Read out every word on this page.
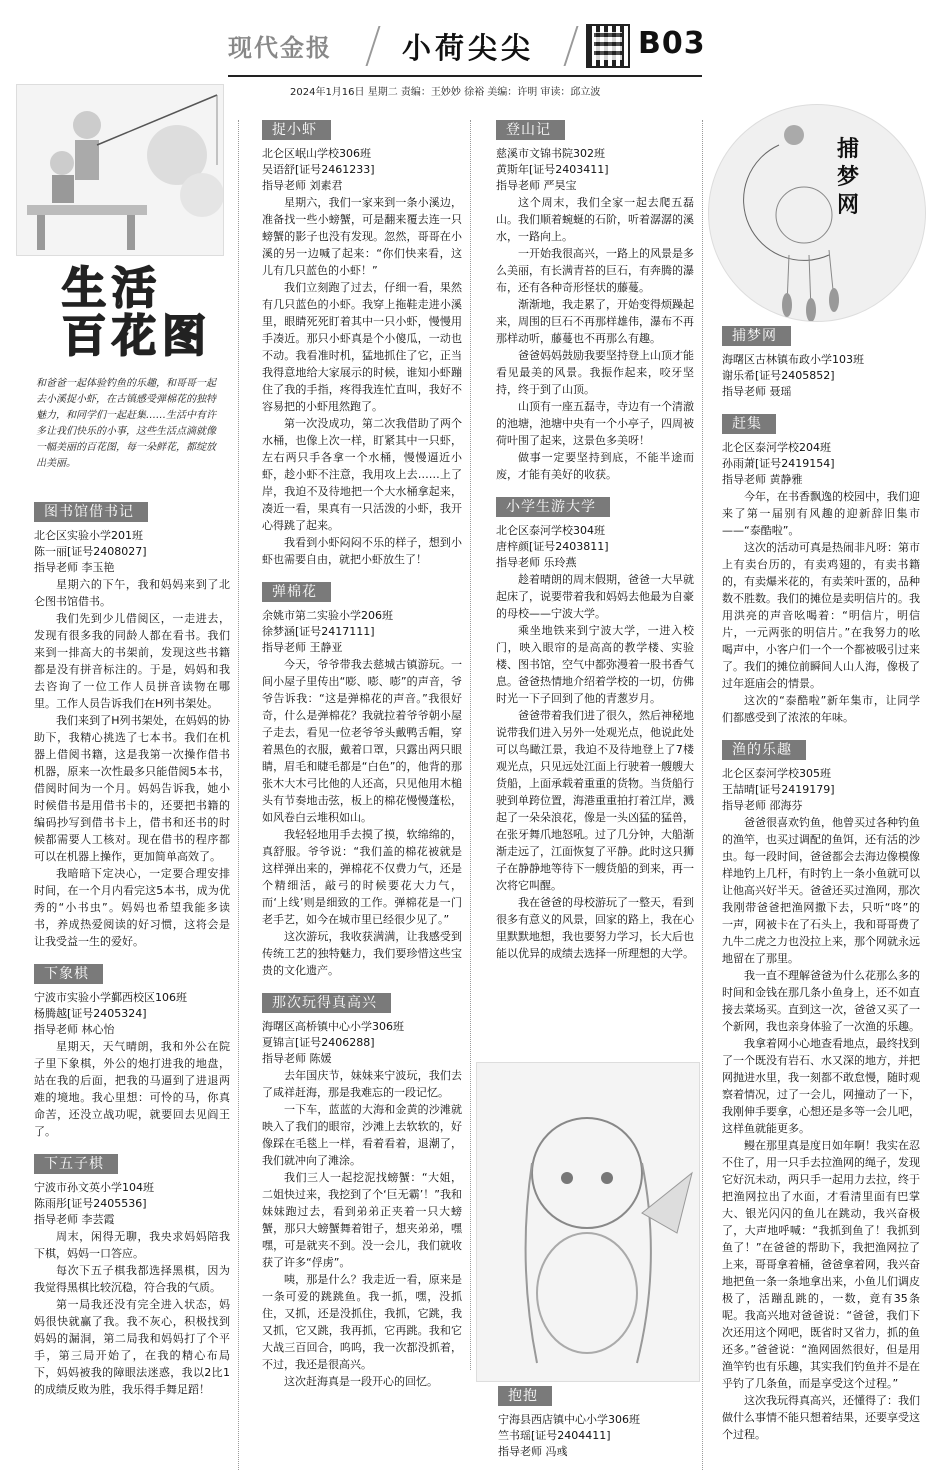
现代金报 小荷尖尖	B03
2024年1月16日 星期二 责编：王妙妙 徐裕 美编：许明 审读：邱立波
生活
百花图
和爸爸一起体验钓鱼的乐趣，和哥哥一起去小溪捉小虾，在古镇感受弹棉花的独特魅力，和同学们一起赶集……生活中有许多让我们快乐的小事，这些生活点滴就像一幅美丽的百花图，每一朵鲜花，都绽放出美丽。
图书馆借书记
北仑区实验小学201班
陈一丽[证号2408027]
指导老师 李玉艳

星期六的下午，我和妈妈来到了北仑图书馆借书。

我们先到少儿借阅区，一走进去，发现有很多我的同龄人都在看书。我们来到一排高大的书架前，发现这些书籍都是没有拼音标注的。于是，妈妈和我去咨询了一位工作人员拼音读物在哪里。工作人员告诉我们在H列书架处。

我们来到了H列书架处，在妈妈的协助下，我精心挑选了七本书。我们在机器上借阅书籍，这是我第一次操作借书机器，原来一次性最多只能借阅5本书，借阅时间为一个月。妈妈告诉我，她小时候借书是用借书卡的，还要把书籍的编码抄写到借书卡上，借书和还书的时候都需要人工核对。现在借书的程序都可以在机器上操作，更加简单高效了。

我暗暗下定决心，一定要合理安排时间，在一个月内看完这5本书，成为优秀的“小书虫”。妈妈也希望我能多读书，养成热爱阅读的好习惯，这将会是让我受益一生的爱好。

下象棋
宁波市实验小学鄞西校区106班
杨腾越[证号2405324]
指导老师 林心怡

星期天，天气晴朗，我和外公在院子里下象棋，外公的炮打进我的地盘，站在我的后面，把我的马逼到了进退两难的境地。我心里想：可怜的马，你真命苦，还没立战功呢，就要回去见阎王了。

下五子棋
宁波市孙文英小学104班
陈雨彤[证号2405536]
指导老师 李芸霞

周末，闲得无聊，我央求妈妈陪我下棋，妈妈一口答应。

每次下五子棋我都选择黑棋，因为我觉得黑棋比较沉稳，符合我的气质。

第一局我还没有完全进入状态，妈妈很快就赢了我。我不灰心，积极找到妈妈的漏洞，第二局我和妈妈打了个平手，第三局开始了，在我的精心布局下，妈妈被我的障眼法迷惑，我以2比1的成绩反败为胜，我乐得手舞足蹈！

捉小虾
北仑区岷山学校306班
吴语舒[证号2461233]
指导老师 刘素君

星期六，我们一家来到一条小溪边，准备找一些小螃蟹，可是翻来覆去连一只螃蟹的影子也没有发现。忽然，哥哥在小溪的另一边喊了起来：“你们快来看，这儿有几只蓝色的小虾！”

我们立刻跑了过去，仔细一看，果然有几只蓝色的小虾。我穿上拖鞋走进小溪里，眼睛死死盯着其中一只小虾，慢慢用手凑近。那只小虾真是个小傻瓜，一动也不动。我看准时机，猛地抓住了它，正当我得意地给大家展示的时候，谁知小虾蹦住了我的手指，疼得我连忙直叫，我好不容易把的小虾甩然跑了。

第一次没成功，第二次我借助了两个水桶，也像上次一样，盯紧其中一只虾，左右两只手各拿一个水桶，慢慢逼近小虾，趁小虾不注意，我用攻上去……上了岸，我迫不及待地把一个大水桶拿起来，凑近一看，果真有一只活泼的小虾，我开心得跳了起来。

我看到小虾闷闷不乐的样子，想到小虾也需要自由，就把小虾放生了！

弹棉花
余姚市第二实验小学206班
徐梦涵[证号2417111]
指导老师 王静亚

今天，爷爷带我去慈城古镇游玩。一间小屋子里传出“嘭、嘭、嘭”的声音，爷爷告诉我：“这是弹棉花的声音。”我很好奇，什么是弹棉花？我就拉着爷爷朝小屋子走去，看见一位老爷爷头戴鸭舌帽，穿着黑色的衣服，戴着口罩，只露出两只眼睛，眉毛和睫毛都是“白色”的，他背的那张木大木弓比他的人还高，只见他用木槌头有节奏地击弦，板上的棉花慢慢蓬松，如风卷白云堆积如山。

我轻轻地用手去摸了摸，软绵绵的，真舒服。爷爷说：“我们盖的棉花被就是这样弹出来的，弹棉花不仅费力气，还是个精细活，敲弓的时候要花大力气，而‘上线’则是细致的工作。弹棉花是一门老手艺，如今在城市里已经很少见了。”

这次游玩，我收获满满，让我感受到传统工艺的独特魅力，我们要珍惜这些宝贵的文化遗产。

那次玩得真高兴
海曙区高桥镇中心小学306班
夏锦言[证号2406288]
指导老师 陈媛

去年国庆节，妹妹来宁波玩，我们去了咸祥赶海，那是我难忘的一段记忆。

一下车，蓝蓝的大海和金黄的沙滩就映入了我们的眼帘，沙滩上去软软的，好像踩在毛毯上一样，看着看着，退潮了，我们就冲向了滩涂。

我们三人一起挖泥找螃蟹：“大姐，二姐快过来，我挖到了个‘巨无霸’！”我和妹妹跑过去，看到弟弟正夹着一只大螃蟹，那只大螃蟹舞着钳子，想夹弟弟，嘿嘿，可是就夹不到。没一会儿，我们就收获了许多“俘虏”。

咦，那是什么？我走近一看，原来是一条可爱的跳跳鱼。我一抓，嘿，没抓住，又抓，还是没抓住，我抓，它跳，我又抓，它又跳，我再抓，它再跳。我和它大战三百回合，呜呜，我一次都没抓着，不过，我还是很高兴。

这次赶海真是一段开心的回忆。

登山记
慈溪市文锦书院302班
黄斯年[证号2403411]
指导老师 严昊宝

这个周末，我们全家一起去爬五磊山。我们顺着蜿蜒的石阶，听着潺潺的溪水，一路向上。

一开始我很高兴，一路上的风景是多么美丽，有长满青苔的巨石，有奔腾的瀑布，还有各种奇形怪状的藤蔓。

渐渐地，我走累了，开始变得烦躁起来，周围的巨石不再那样雄伟，瀑布不再那样动听，藤蔓也不再那么有趣。

爸爸妈妈鼓励我要坚持登上山顶才能看见最美的风景。我振作起来，咬牙坚持，终于到了山顶。

山顶有一座五磊寺，寺边有一个清澈的池塘，池塘中央有一个小亭子，四周被荷叶围了起来，这景色多美呀！

做事一定要坚持到底，不能半途而废，才能有美好的收获。

小学生游大学
北仑区泰河学校304班
唐梓颜[证号2403811]
指导老师 乐玲燕

趁着晴朗的周末假期，爸爸一大早就起床了，说要带着我和妈妈去他最为自豪的母校——宁波大学。

乘坐地铁来到宁波大学，一进入校门，映入眼帘的是高高的教学楼、实验楼、图书馆，空气中都弥漫着一股书香气息。爸爸热情地介绍着学校的一切，仿佛时光一下子回到了他的青葱岁月。

爸爸带着我们进了很久，然后神秘地说带我们进入另外一处观光点，他说此处可以鸟瞰江景，我迫不及待地登上了7楼观光点，只见远处江面上行驶着一艘艘大货船，上面承载着重重的货物。当货船行驶到单跨位置，海港重重拍打着江岸，溅起了一朵朵浪花，像是一头凶猛的猛兽，在张牙舞爪地怒吼。过了几分钟，大船渐渐走远了，江面恢复了平静。此时这只狮子在静静地等待下一艘货船的到来，再一次将它叫醒。

我在爸爸的母校游玩了一整天，看到很多有意义的风景，回家的路上，我在心里默默地想，我也要努力学习，长大后也能以优异的成绩去选择一所理想的大学。

抱抱
宁海县西店镇中心小学306班
竺书瑶[证号2404411]
指导老师 冯彧
捕梦网
捕梦网
海曙区古林镇布政小学103班
谢乐希[证号2405852]
指导老师 聂瑶
赶集
北仑区泰河学校204班
孙雨萧[证号2419154]
指导老师 黄静雅

今年，在书香飘逸的校园中，我们迎来了第一届别有风趣的迎新辞旧集市——“泰酷啦”。

这次的活动可真是热闹非凡呀：第市上有卖台历的，有卖鸡翅的，有卖书籍的，有卖爆米花的，有卖茉叶蛋的，品种数不胜数。我们的摊位是卖明信片的。我用洪亮的声音吆喝着：“明信片，明信片，一元两张的明信片。”在我努力的吆喝声中，小客户们一个一个都被吸引过来了。我们的摊位前瞬间人山人海，像极了过年逛庙会的情景。

这次的“泰酷啦”新年集市，让同学们都感受到了浓浓的年味。

渔的乐趣
北仑区泰河学校305班
王喆晴[证号2419179]
指导老师 邵海芬

爸爸很喜欢钓鱼，他曾买过各种钓鱼的渔竿，也买过调配的鱼饵，还有活的沙虫。每一段时间，爸爸都会去海边像模像样地钓上几杆，有时钓上一条小鱼就可以让他高兴好半天。爸爸还买过渔网，那次我刚带爸爸把渔网撒下去，只听“咚”的一声，网被卡在了石头上，我和哥哥费了九牛二虎之力也没拉上来，那个网就永远地留在了那里。

我一直不理解爸爸为什么花那么多的时间和金钱在那几条小鱼身上，还不如直接去菜场买。直到这一次，爸爸又买了一个新网，我也亲身体验了一次渔的乐趣。

我拿着网小心地查看地点，最终找到了一个既没有岩石、水又深的地方，并把网抛进水里，我一刻都不敢怠慢，随时观察着情况，过了一会儿，网撞动了一下，我刚伸手要拿，心想还是多等一会儿吧，这样鱼就能更多。

鳗在那里真是度日如年啊！我实在忍不住了，用一只手去拉渔网的绳子，发现它好沉未动，两只手一起用力去拉，终于把渔网拉出了水面，才看清里面有巴掌大、银光闪闪的鱼儿在跳动，我兴奋极了，大声地呼喊：“我抓到鱼了！我抓到鱼了！”在爸爸的帮助下，我把渔网拉了上来，哥哥拿着桶，爸爸拿着网，我兴奋地把鱼一条一条地拿出来，小鱼儿们调皮极了，活蹦乱跳的，一数，竟有35条呢。我高兴地对爸爸说：“爸爸，我们下次还用这个网吧，既省时又省力，抓的鱼还多。”爸爸说：“渔网固然很好，但是用渔竿钓也有乐趣，其实我们钓鱼并不是在乎钓了几条鱼，而是享受这个过程。”

这次我玩得真高兴，还懂得了：我们做什么事情不能只想着结果，还要享受这个过程。
